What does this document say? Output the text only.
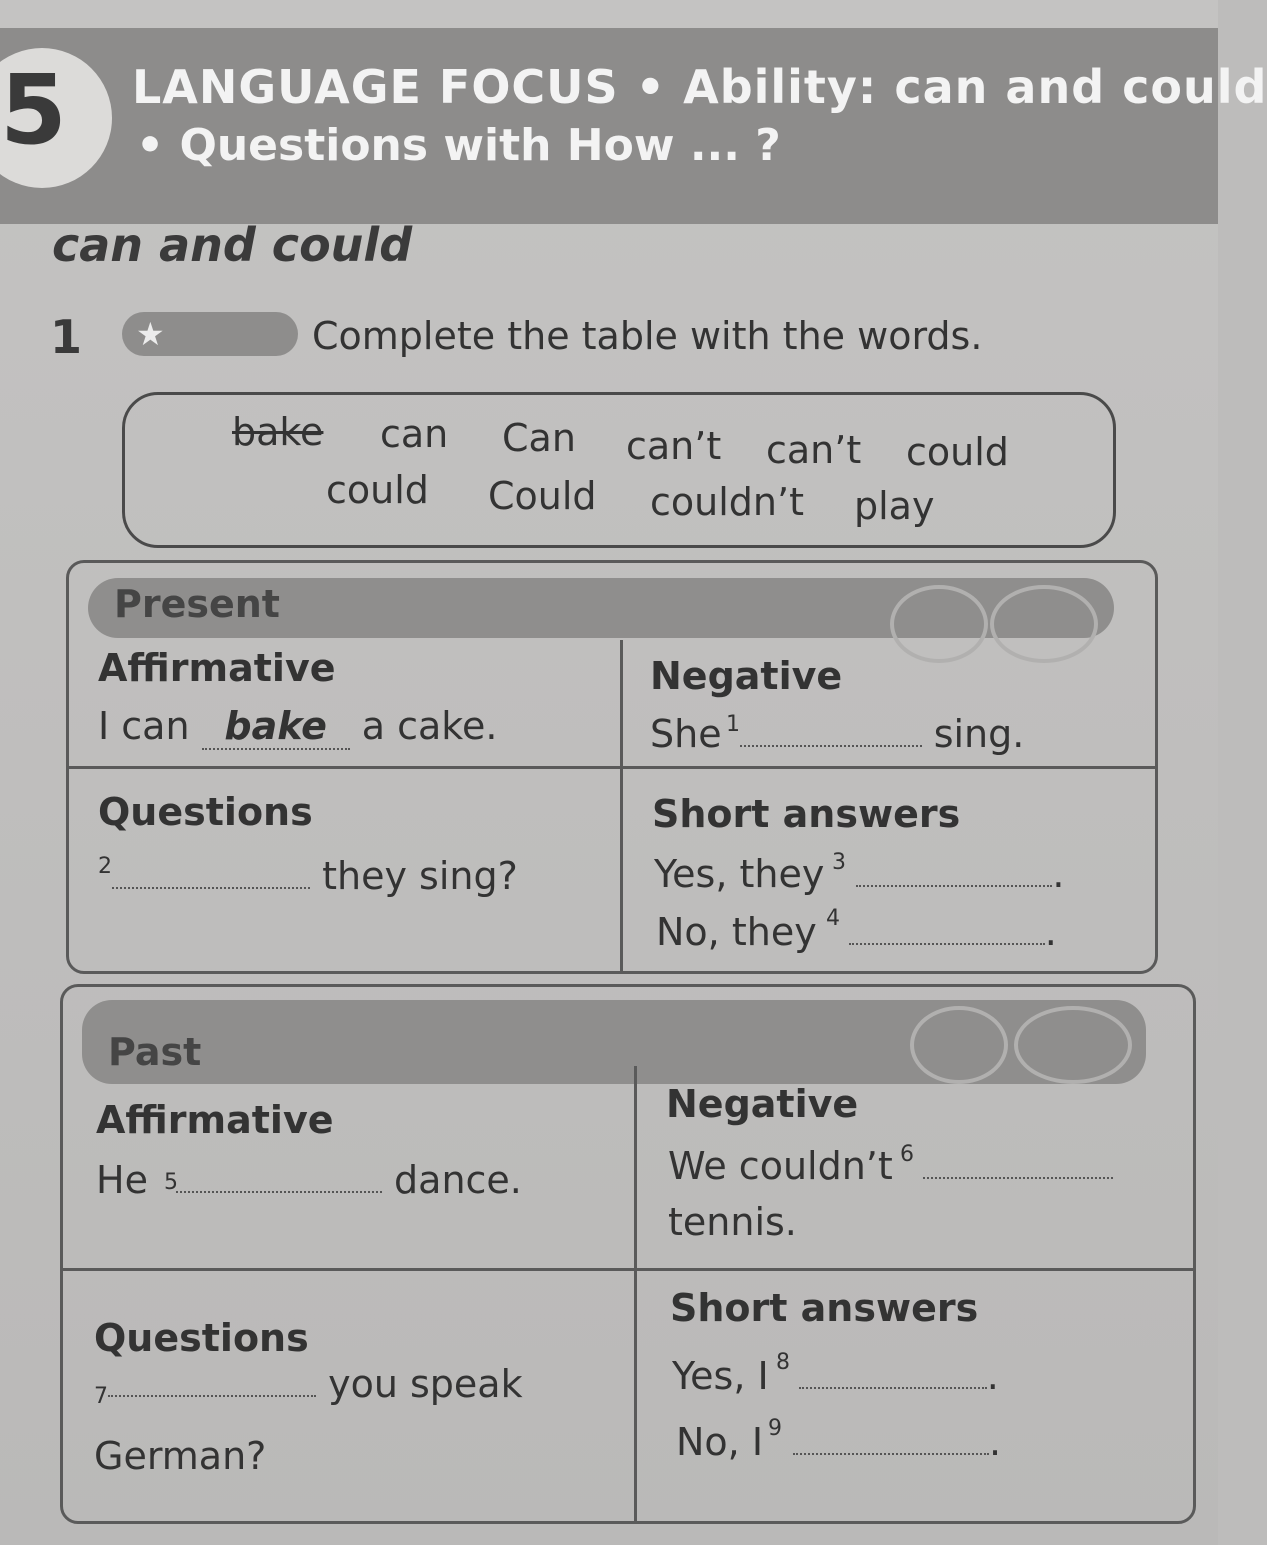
5 LANGUAGE FOCUS • Ability: can and could
• Questions with How ... ?
can and could
1 ★	Complete the table with the words.
bake can Can can’t can’t could
could Could couldn’t play
Present
Affirmative
I can bake a cake.
Negative
She	sing.
1
Questions
2	they sing?
Short answers
Yes, they	.
3
No, they	.
4
Past
Affirmative
He	dance.
5
Negative
We couldn’t 6
tennis.
Questions
7	you speak
German?
Short answers
Yes, I	.
8
No, I	.
9
